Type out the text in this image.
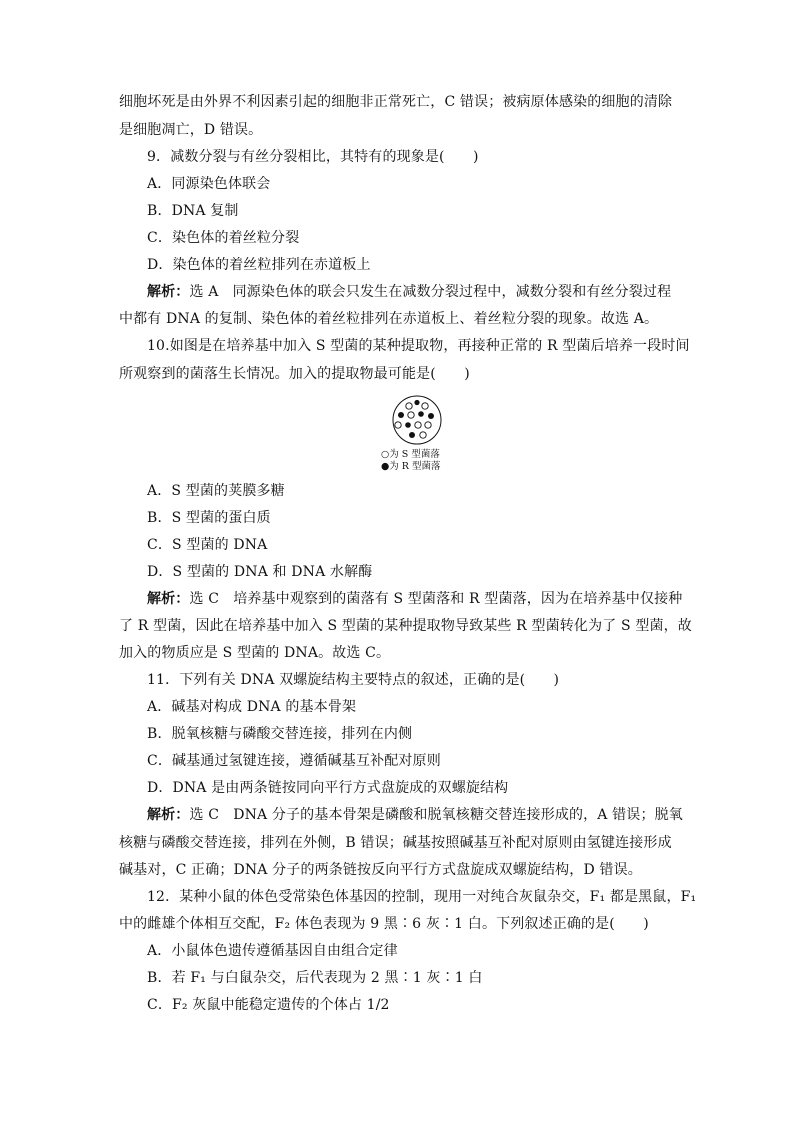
细胞坏死是由外界不利因素引起的细胞非正常死亡，C 错误；被病原体感染的细胞的清除
是细胞凋亡，D 错误。
9．减数分裂与有丝分裂相比，其特有的现象是(　　)
A．同源染色体联会
B．DNA 复制
C．染色体的着丝粒分裂
D．染色体的着丝粒排列在赤道板上
解析：选 A　同源染色体的联会只发生在减数分裂过程中，减数分裂和有丝分裂过程
中都有 DNA 的复制、染色体的着丝粒排列在赤道板上、着丝粒分裂的现象。故选 A。
10.如图是在培养基中加入 S 型菌的某种提取物，再接种正常的 R 型菌后培养一段时间
所观察到的菌落生长情况。加入的提取物最可能是(　　)
○为 S 型菌落
●为 R 型菌落
A．S 型菌的荚膜多糖
B．S 型菌的蛋白质
C．S 型菌的 DNA
D．S 型菌的 DNA 和 DNA 水解酶
解析：选 C　培养基中观察到的菌落有 S 型菌落和 R 型菌落，因为在培养基中仅接种
了 R 型菌，因此在培养基中加入 S 型菌的某种提取物导致某些 R 型菌转化为了 S 型菌，故
加入的物质应是 S 型菌的 DNA。故选 C。
11．下列有关 DNA 双螺旋结构主要特点的叙述，正确的是(　　)
A．碱基对构成 DNA 的基本骨架
B．脱氧核糖与磷酸交替连接，排列在内侧
C．碱基通过氢键连接，遵循碱基互补配对原则
D．DNA 是由两条链按同向平行方式盘旋成的双螺旋结构
解析：选 C　DNA 分子的基本骨架是磷酸和脱氧核糖交替连接形成的，A 错误；脱氧
核糖与磷酸交替连接，排列在外侧，B 错误；碱基按照碱基互补配对原则由氢键连接形成
碱基对，C 正确；DNA 分子的两条链按反向平行方式盘旋成双螺旋结构，D 错误。
12．某种小鼠的体色受常染色体基因的控制，现用一对纯合灰鼠杂交，F₁ 都是黑鼠，F₁
中的雌雄个体相互交配，F₂ 体色表现为 9 黑∶6 灰∶1 白。下列叙述正确的是(　　)
A．小鼠体色遗传遵循基因自由组合定律
B．若 F₁ 与白鼠杂交，后代表现为 2 黑∶1 灰∶1 白
C．F₂ 灰鼠中能稳定遗传的个体占 1/2
